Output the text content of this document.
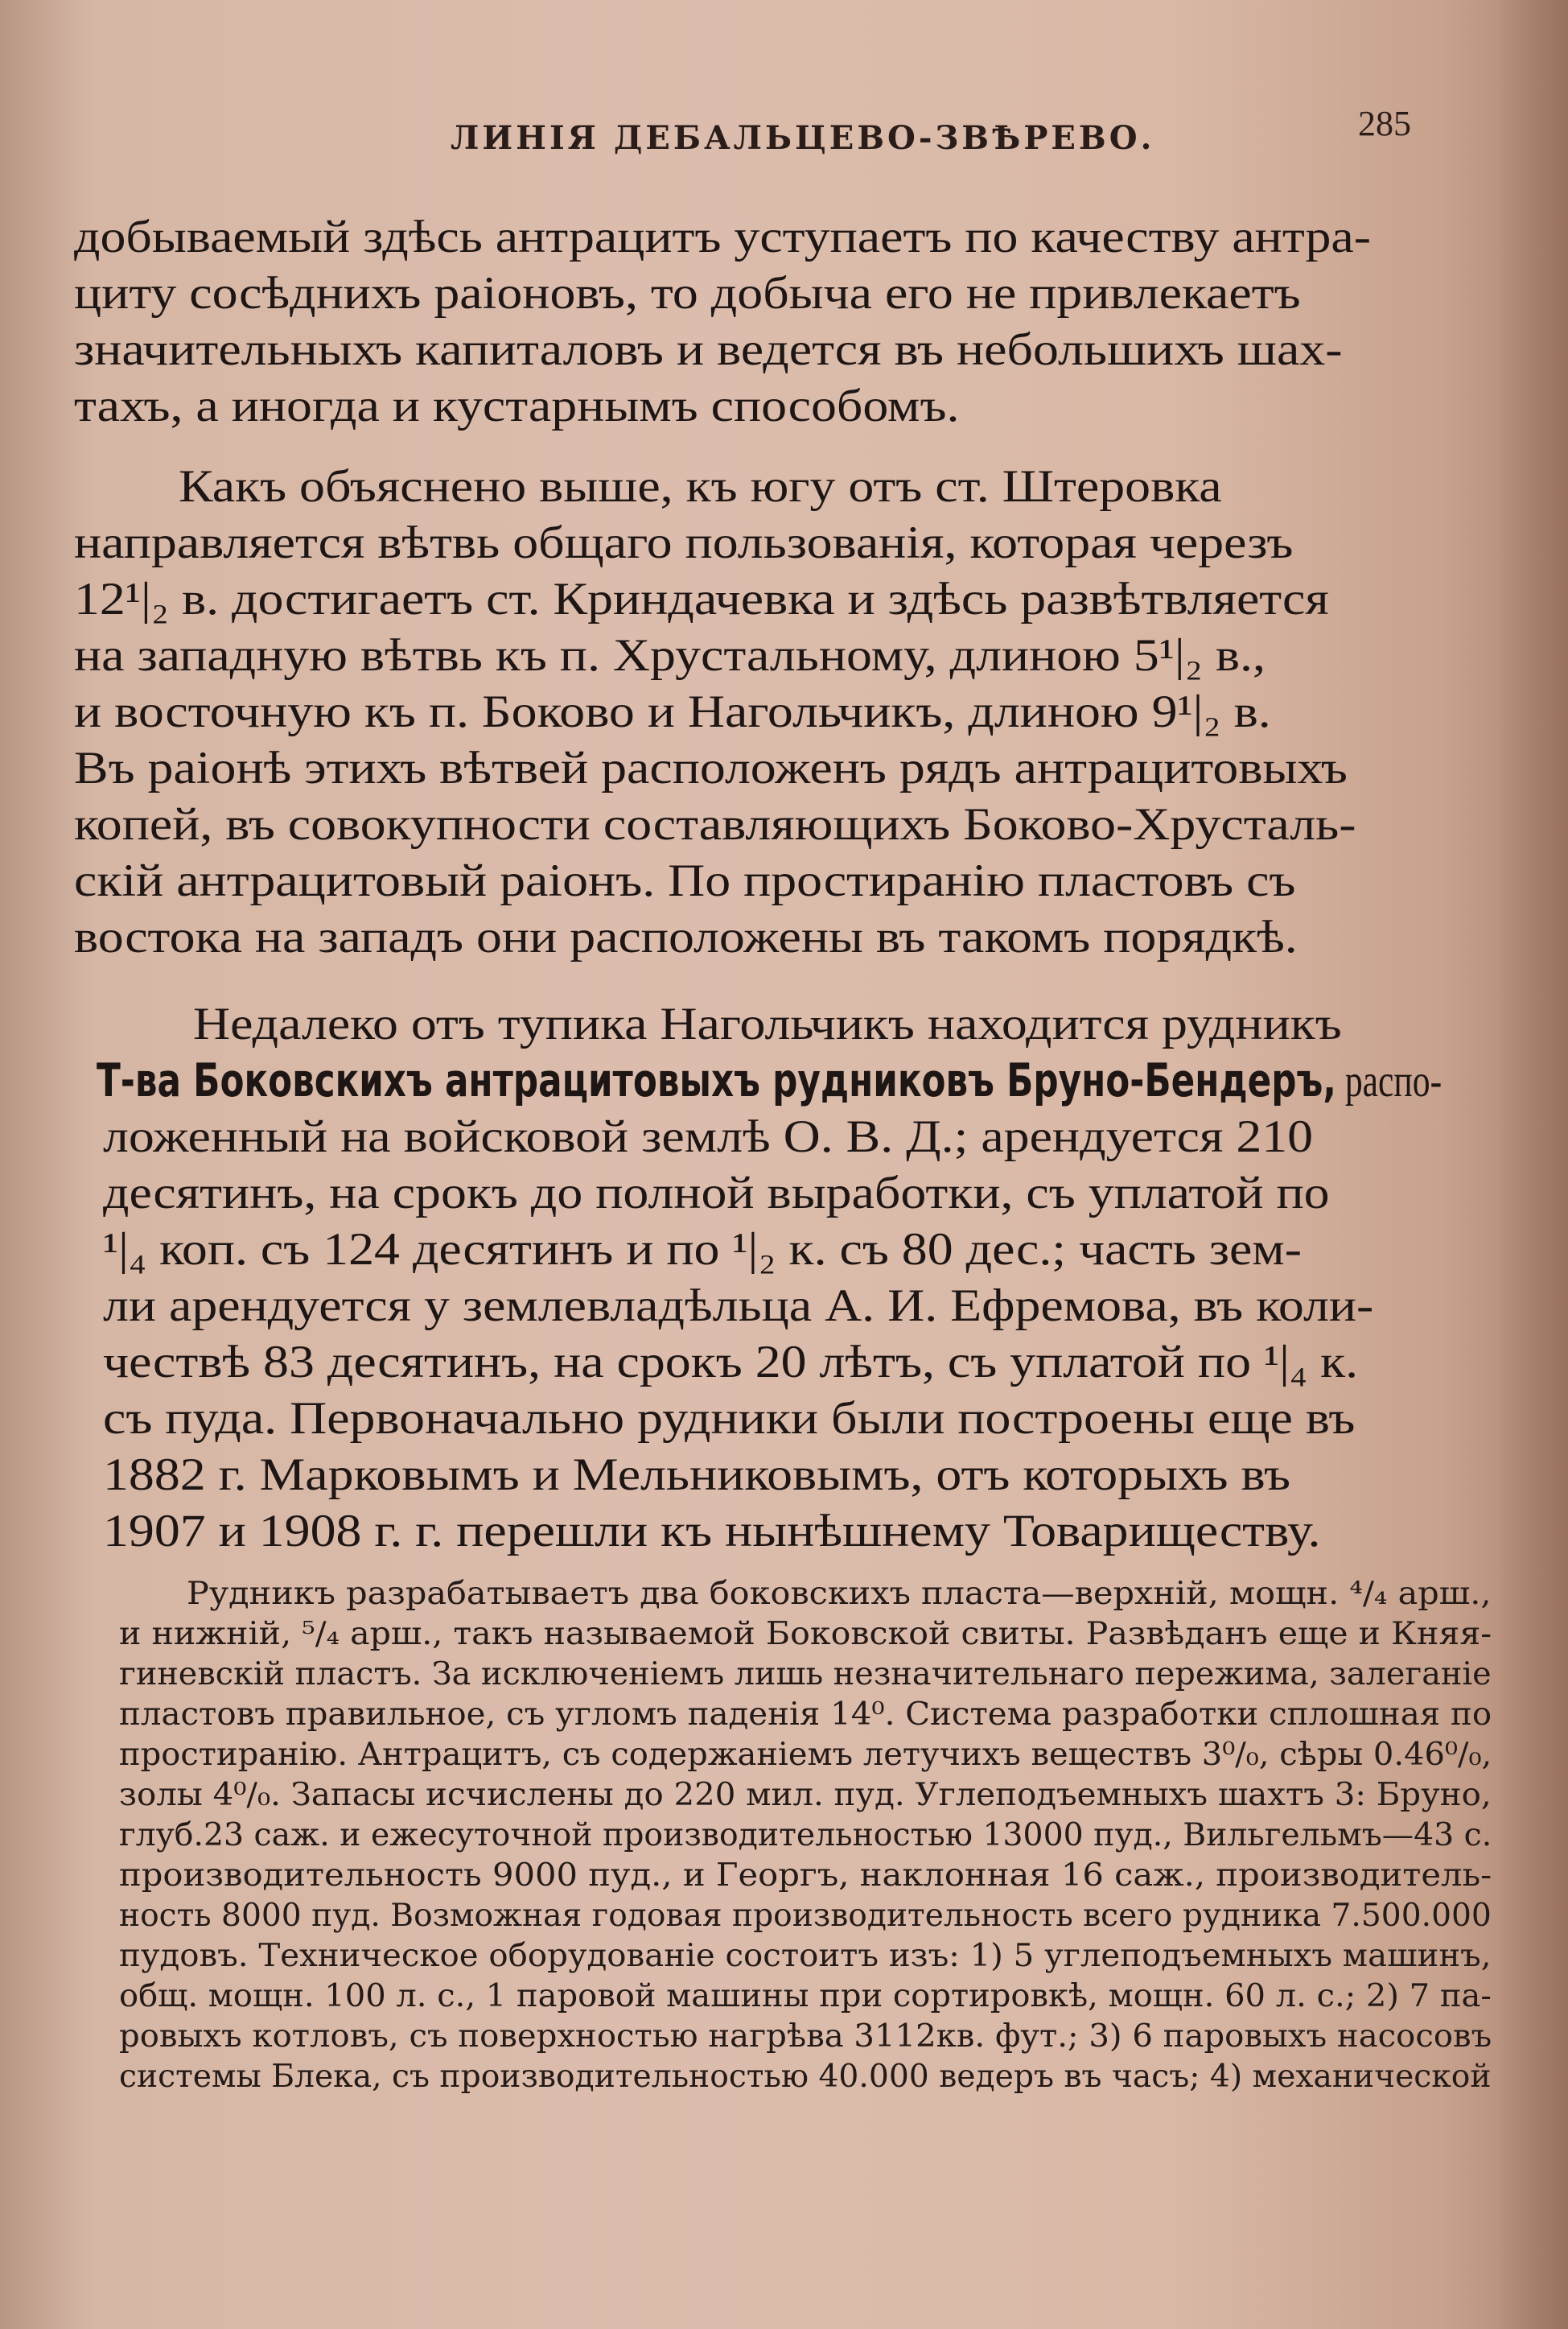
ЛИНІЯ ДЕБАЛЬЦЕВО-ЗВѢРЕВО.	285
добываемый здѣсь антрацитъ уступаетъ по качеству антра-
циту сосѣднихъ раіоновъ, то добыча его не привлекаетъ
значительныхъ капиталовъ и ведется въ небольшихъ шах-
тахъ, а иногда и кустарнымъ способомъ.
Какъ объяснено выше, къ югу отъ ст. Штеровка
направляется вѣтвь общаго пользованія, которая черезъ
12¹|₂ в. достигаетъ ст. Криндачевка и здѣсь развѣтвляется
на западную вѣтвь къ п. Хрустальному, длиною 5¹|₂ в.,
и восточную къ п. Боково и Нагольчикъ, длиною 9¹|₂ в.
Въ раіонѣ этихъ вѣтвей расположенъ рядъ антрацитовыхъ
копей, въ совокупности составляющихъ Боково-Хрусталь-
скій антрацитовый раіонъ. По простиранію пластовъ съ
востока на западъ они расположены въ такомъ порядкѣ.
Недалеко отъ тупика Нагольчикъ находится рудникъ
Т-ва Боковскихъ антрацитовыхъ рудниковъ Бруно-Бендеръ, распо-
ложенный на войсковой землѣ О. В. Д.; арендуется 210
десятинъ, на срокъ до полной выработки, съ уплатой по
¹|₄ коп. съ 124 десятинъ и по ¹|₂ к. съ 80 дес.; часть зем-
ли арендуется у землевладѣльца А. И. Ефремова, въ коли-
чествѣ 83 десятинъ, на срокъ 20 лѣтъ, съ уплатой по ¹|₄ к.
съ пуда. Первоначально рудники были построены еще въ
1882 г. Марковымъ и Мельниковымъ, отъ которыхъ въ
1907 и 1908 г. г. перешли къ нынѣшнему Товариществу.
Рудникъ разрабатываетъ два боковскихъ пласта—верхній, мощн. ⁴/₄ арш.,
и нижній, ⁵/₄ арш., такъ называемой Боковской свиты. Развѣданъ еще и Княя-
гиневскій пластъ. За исключеніемъ лишь незначительнаго пережима, залеганіе
пластовъ правильное, съ угломъ паденія 14⁰. Система разработки сплошная по
простиранію. Антрацитъ, съ содержаніемъ летучихъ веществъ 3⁰/₀, сѣры 0.46⁰/₀,
золы 4⁰/₀. Запасы исчислены до 220 мил. пуд. Углеподъемныхъ шахтъ 3: Бруно,
глуб.23 саж. и ежесуточной производительностью 13000 пуд., Вильгельмъ—43 с.
производительность 9000 пуд., и Георгъ, наклонная 16 саж., производитель-
ность 8000 пуд. Возможная годовая производительность всего рудника 7.500.000
пудовъ. Техническое оборудованіе состоитъ изъ: 1) 5 углеподъемныхъ машинъ,
общ. мощн. 100 л. с., 1 паровой машины при сортировкѣ, мощн. 60 л. с.; 2) 7 па-
ровыхъ котловъ, съ поверхностью нагрѣва 3112кв. фут.; 3) 6 паровыхъ насосовъ
системы Блека, съ производительностью 40.000 ведеръ въ часъ; 4) механической
